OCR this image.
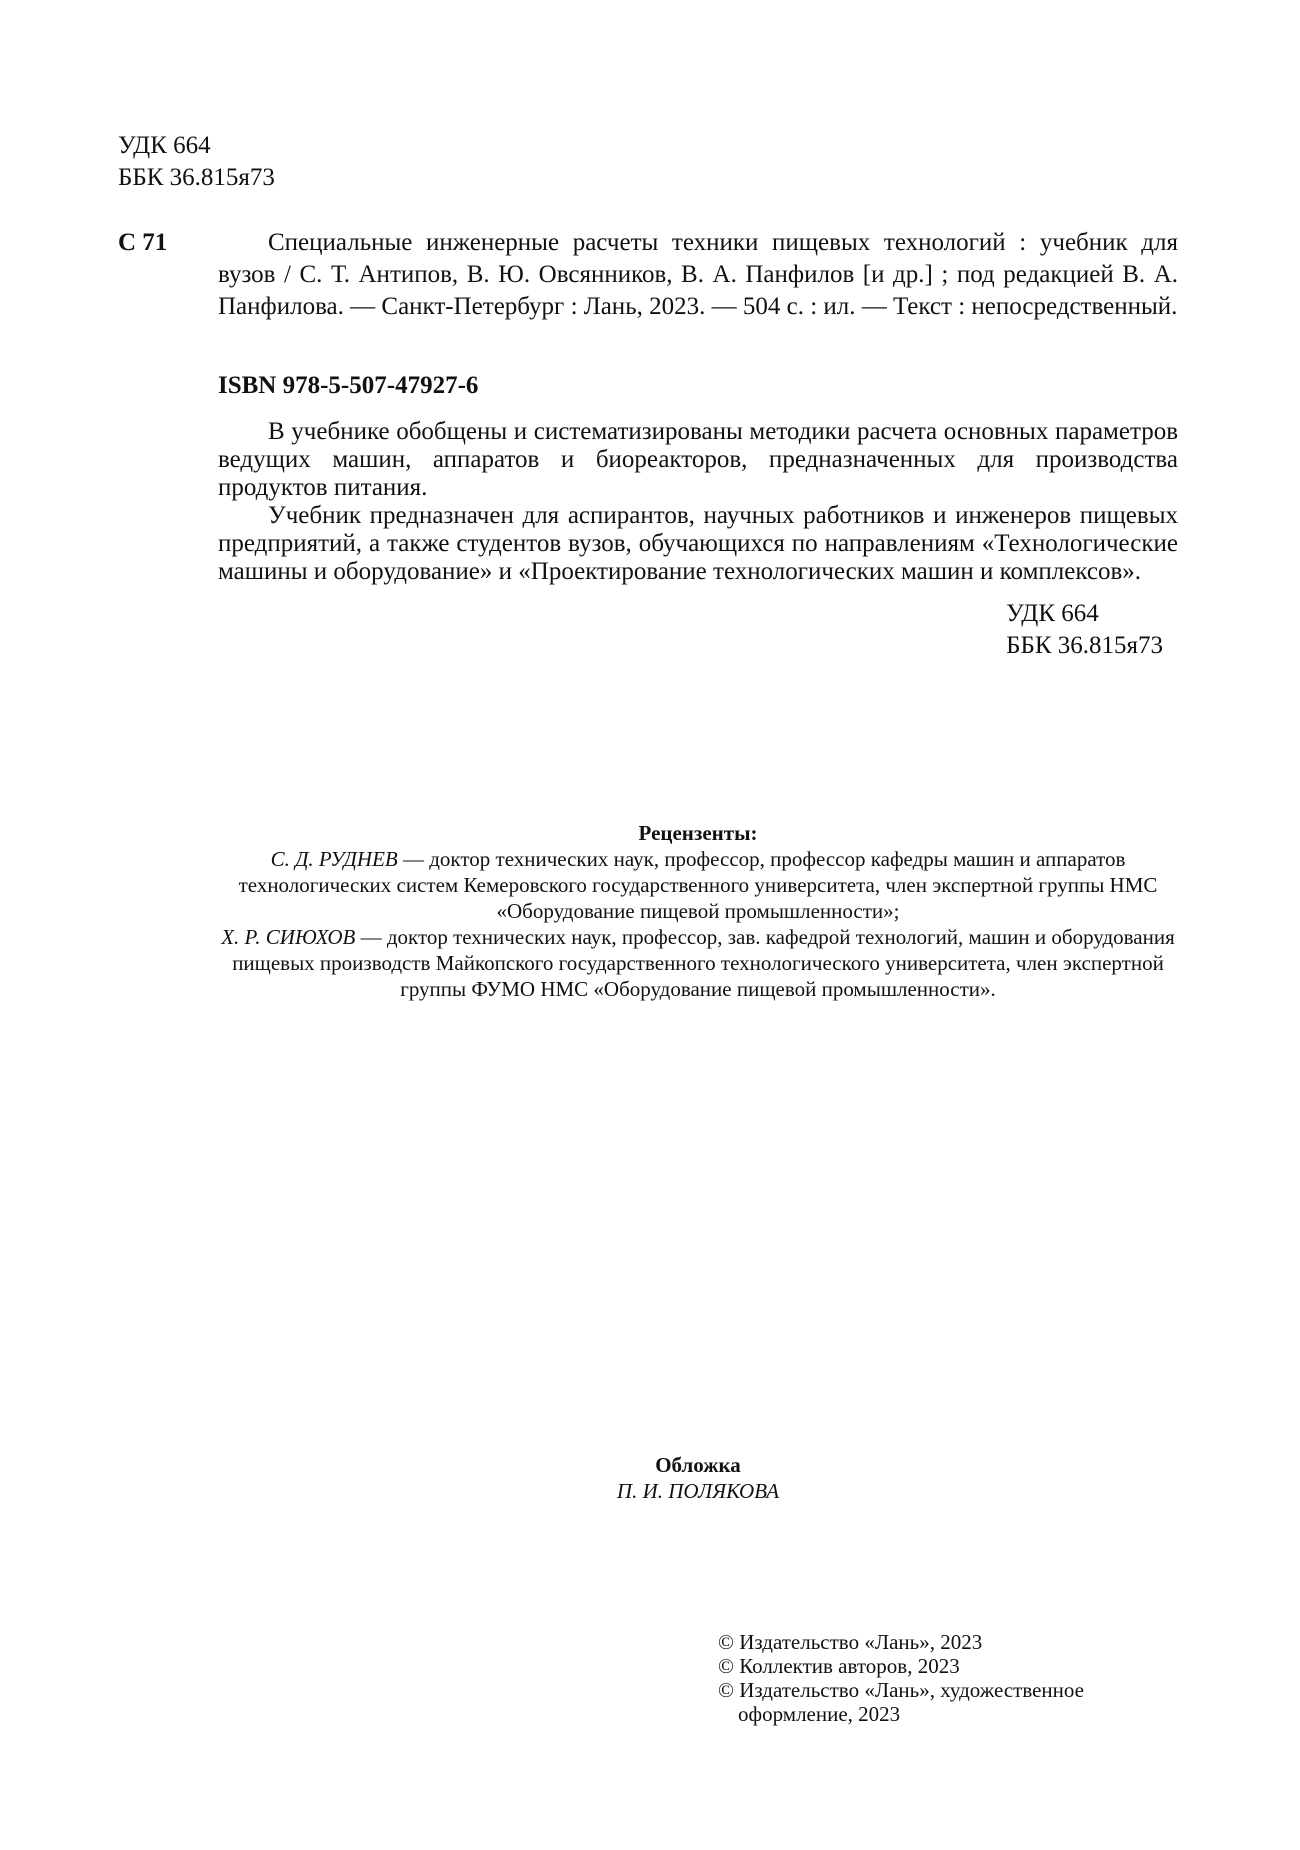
УДК 664
ББК 36.815я73
С 71	Специальные инженерные расчеты техники пищевых технологий : учебник для вузов / С. Т. Антипов, В. Ю. Овсянников, В. А. Панфилов [и др.] ; под редакцией В. А. Панфилова. — Санкт-Петербург : Лань, 2023. — 504 с. : ил. — Текст : непосредственный.
ISBN 978-5-507-47927-6

В учебнике обобщены и систематизированы методики расчета основных параметров ведущих машин, аппаратов и биореакторов, предназначенных для производства продуктов питания.

Учебник предназначен для аспирантов, научных работников и инженеров пищевых предприятий, а также студентов вузов, обучающихся по направлениям «Технологические машины и оборудование» и «Проектирование технологических машин и комплексов».

УДК 664
ББК 36.815я73
Рецензенты:
С. Д. РУДНЕВ — доктор технических наук, профессор, профессор кафедры машин и аппаратов технологических систем Кемеровского государственного университета, член экспертной группы НМС «Оборудование пищевой промышленности»;
Х. Р. СИЮХОВ — доктор технических наук, профессор, зав. кафедрой технологий, машин и оборудования пищевых производств Майкопского государственного технологического университета, член экспертной группы ФУМО НМС «Оборудование пищевой промышленности».
Обложка
П. И. ПОЛЯКОВА
© Издательство «Лань», 2023
© Коллектив авторов, 2023
© Издательство «Лань», художественное
оформление, 2023
